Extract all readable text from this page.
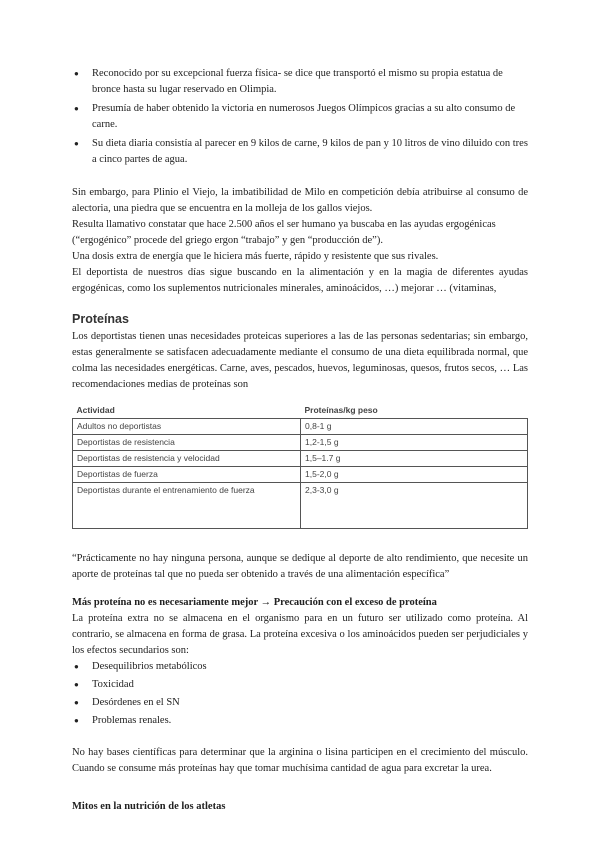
● Reconocido por su excepcional fuerza física- se dice que transportó el mismo su propia estatua de bronce hasta su lugar reservado en Olimpia.
● Presumía de haber obtenido la victoria en numerosos Juegos Olímpicos gracias a su alto consumo de carne.
● Su dieta diaria consistía al parecer en 9 kilos de carne, 9 kilos de pan y 10 litros de vino diluido con tres a cinco partes de agua.

Sin embargo, para Plinio el Viejo, la imbatibilidad de Milo en competición debía atribuirse al consumo de alectoria, una piedra que se encuentra en la molleja de los gallos viejos.

Resulta llamativo constatar que hace 2.500 años el ser humano ya buscaba en las ayudas ergogénicas (“ergogénico” procede del griego ergon “trabajo” y gen “producción de”).

Una dosis extra de energía que le hiciera más fuerte, rápido y resistente que sus rivales.

El deportista de nuestros días sigue buscando en la alimentación y en la magia de diferentes ayudas ergogénicas, como los suplementos nutricionales minerales, aminoácidos, …) mejorar … (vitaminas,

Proteínas

Los deportistas tienen unas necesidades proteicas superiores a las de las personas sedentarias; sin embargo, estas generalmente se satisfacen adecuadamente mediante el consumo de una dieta equilibrada normal, que colma las necesidades energéticas. Carne, aves, pescados, huevos, leguminosas, quesos, frutos secos, … Las recomendaciones medias de proteínas son

Actividad	Proteínas/kg peso
Adultos no deportistas	0,8-1 g
Deportistas de resistencia	1,2-1,5 g
Deportistas de resistencia y velocidad	1,5–1.7 g
Deportistas de fuerza	1,5-2,0 g
Deportistas durante el entrenamiento de fuerza	2,3-3,0 g

“Prácticamente no hay ninguna persona, aunque se dedique al deporte de alto rendimiento, que necesite un aporte de proteínas tal que no pueda ser obtenido a través de una alimentación específica”

Más proteína no es necesariamente mejor → Precaución con el exceso de proteína

La proteína extra no se almacena en el organismo para en un futuro ser utilizado como proteína. Al contrario, se almacena en forma de grasa. La proteína excesiva o los aminoácidos pueden ser perjudiciales y los efectos secundarios son:

● Desequilibrios metabólicos
● Toxicidad
● Desórdenes en el SN
● Problemas renales.

No hay bases científicas para determinar que la arginina o lisina participen en el crecimiento del músculo. Cuando se consume más proteínas hay que tomar muchísima cantidad de agua para excretar la urea.

Mitos en la nutrición de los atletas
